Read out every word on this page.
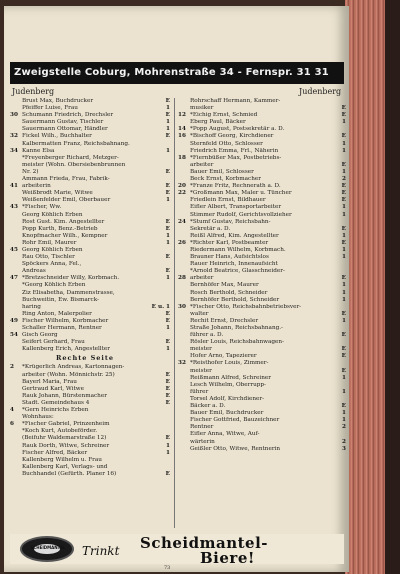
Zweigstelle Coburg, Mohrenstraße 34 - Fernspr. 31 31
Judenberg	Judenberg
Brust Max, Buchdrucker	E
Pfeiffer Luise, Frau	1
30 Schumann Friedrich, Drechsler	E
Sauermann Gustav, Tischler	1
Sauermann Ottomar, Händler	1
32 Fickel Wilh., Buchhalter	E
Kalbermatten Franz, Reichsbahnang.
34 Kanne Elsa	1
*Freyenberger Richard, Metzger-
meister (Wohn. Obersiebenbrunnen
Nr. 2)	E
Ammann Frieda, Frau, Fabrik-
41 arbeiterin	E
Weißbrodt Marie, Witwe	E
Weißenfelder Emil, Oberbauer	1
43 *Fischer, Ww.
Georg Köhlich Erben
Rost Gust. Kim. Angestellter	E
Popp Kurth, Benz.-Betrieb	E
Knopfmacher Wilh., Kempner	1
Rohr Emil, Maurer	1
45 Georg Köhlich Erben
Rau Otto, Tischler	E
Spöckers Anna, Fel.,
Andreas	E
47 *Bretzschneider Willy, Korbmach.	1
*Georg Köhlich Erben
Ziz Elisabetha, Dammenstrasse,
Buchweitin, Ew. Bismarck-
haring	E u. 1
Ring Anton, Malerpolier	E
49 Fischer Wilhelm, Korbmacher	E
Schaller Hermann, Rentner	1
54 Gisch Georg
Seifert Gerhard, Frau	E
Kallenberg Erich, Angestellter	1
Rechte Seite
2	*Krügerlich Andreas, Kartonnagen-
arbeiter (Wohn. Mönnichstr. 25)	E
Bayerl Maria, Frau	E
Gertraud Karl, Witwe	E
Rauk Johann, Bürstenmacher	E
Stadt. Gemeindehaus 4	E
4	*Gern Heinrichs Erben
Wohnhaus:
6	*Fischer Gabriel, Prinzenheim
*Koch Kurt, Autobeförder.
(Beifuhr Waldemarstraße 12)	E
Rauk Dorth, Witwe, Schreiner	1
Fischer Alfred, Bäcker	1
Kallenberg Wilhelm u. Frau
Kallenberg Karl, Verlags- und
Buchhandel (Gefürth. Planer 16)	E
Rohrschaff Hermann, Kammer-
musiker	E
12 *Eichig Ernst, Schmied	E
Eberg Paul, Bäcker	1
14 *Popp August, Postsekretär a. D.
16 *Bischoff Georg, Kirchdiener	E
Sternfeld Otto, Schlosser	1
Friedrich Emma, Frl., Näherin	1
18 *Fiernbüßer Max, Postbetriebs-
arbeiter	E
Bauer Emil, Schlosser	1
Beck Ernst, Korbmacher	2
20 *Franze Fritz, Rechnerath a. D.	E
22 *Großmann Max, Maler u. Tüncher	E
Friedlein Ernst, Bildhauer	E
Eifler Albert, Transportarbeiter	1
Stimmer Rudolf, Gerichtsvollzieher	1
24 *Stumf Gustav, Reichsbahn-
Sekretär a. D.	E
Reißl Alfred, Kim. Angestellter	1
26 *Richter Karl, Postbeamter	E
Riedermann Wilhelm, Korbmach.	1
Brauner Hans, Aufsichtslos	1
Rauer Heinrich, Innenaufsicht
*Arnold Beatrice, Glasschneider-
28 arbeiter	E
Bernhöfer Max, Maurer	1
Rosch Berthold, Schneider	1
Bernhöfer Berthold, Schneider	1
30 *Fischer Otto, Reichsbahnbetriebsver-
walter	E
Rechit Ernst, Drechsler	1
Straße Johann, Reichsbahnang.-
führer a. D.	E
Rösler Louis, Reichsbahnwagen-
meister	E
Hofer Arno, Tapezierer	E
32 *Reisthofer Louis, Zimmer-
meister	E
Reißmann Alfred, Schreiner	1
Lesch Wilhelm, Oberrupp-
führer	1
Torsel Adolf, Kirchdiener-
Bäcker a. D.	E
Bauer Emil, Buchdrucker	1
Fischer Gottfried, Bauzeichner	1
Rentner	2
Eifler Anna, Witwe, Auf-
wärterin	2
Geißler Otto, Witwe, Rentnerin	3
SCHEIDMANTEL Trinkt Scheidmantel-
Biere!
73
